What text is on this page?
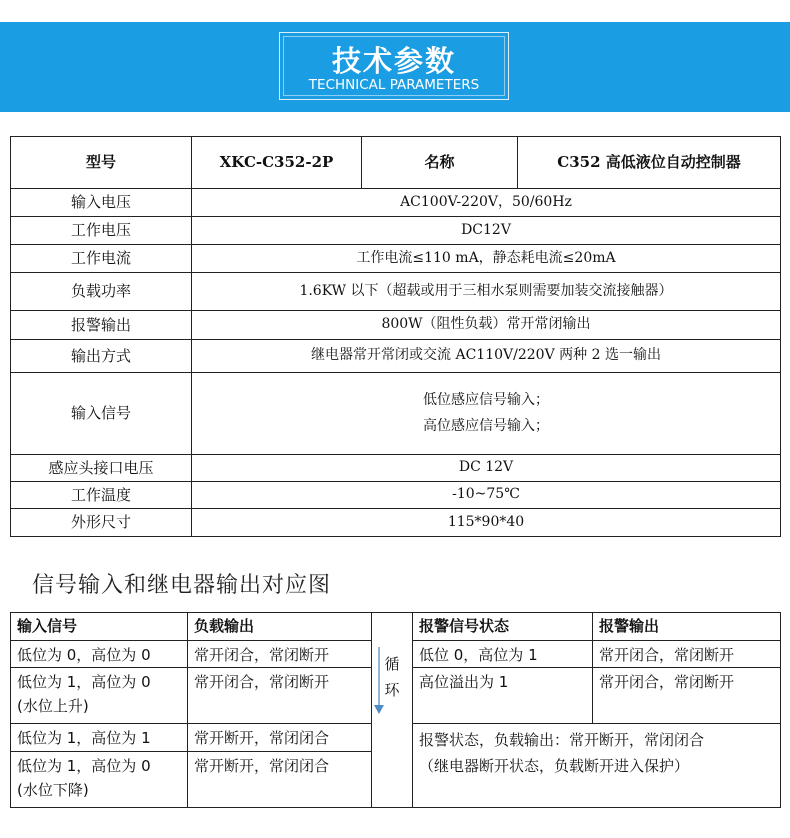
技术参数
TECHNICAL PARAMETERS
型号	XKC-C352-2P	名称	C352 高低液位自动控制器
输入电压	AC100V-220V，50/60Hz		
工作电压	DC12V		
工作电流	工作电流≤110 mA，静态耗电流≤20mA		
负载功率	1.6KW 以下（超载或用于三相水泵则需要加装交流接触器）		
报警输出	800W（阻性负载）常开常闭输出		
输出方式	继电器常开常闭或交流 AC110V/220V 两种 2 选一输出		
输入信号	低位感应信号输入；
高位感应信号输入；		

感应头接口电压	DC 12V		
工作温度	-10~75℃		
外形尺寸	115*90*40		
信号输入和继电器输出对应图
输入信号	负载输出		报警信号状态	报警输出
低位为 0，高位为 0	常开闭合，常闭断开	循环	低位 0，高位为 1	常开闭合，常闭断开

低位为 1，高位为 0
(水位上升)	常开闭合，常闭断开		高位溢出为 1	常开闭合，常闭断开
低位为 1，高位为 1	常开断开，常闭闭合		报警状态，负载输出：常开断开，常闭闭合
（继电器断开状态，负载断开进入保护）	

低位为 1，高位为 0
(水位下降)	常开断开，常闭闭合			
